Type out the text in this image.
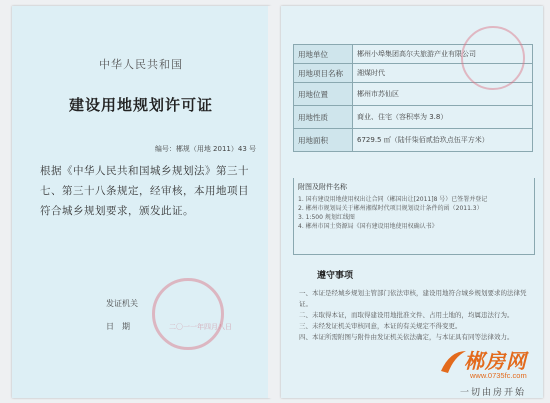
中华人民共和国
建设用地规划许可证
编号：郴规（用地 2011）43 号
根据《中华人民共和国城乡规划法》第三十七、第三十八条规定，经审核，本用地项目符合城乡规划要求，颁发此证。
发证机关
日　期	二〇一一年四月八日
用地单位	郴州小埠集团高尔夫旅游产业有限公司
用地项目名称	湘煤时代
用地位置	郴州市苏仙区
用地性质	商业、住宅（容积率为 3.8）
用地面积	6729.5 ㎡（陆仟柒佰贰拾玖点伍平方米）
附图及附件名称
1. 国有建设用地使用权出让合同（郴国出让[2011]8 号）已签署并登记
2. 郴州市规划局关于郴州湘煤时代项目规划设计条件的函（2011.3）
3. 1:500 规划红线图
4. 郴州市国土资源局《国有建设用地使用权确认书》
遵守事项
一、本证是经城乡规划主管部门依法审核，建设用地符合城乡规划要求的法律凭证。
二、未取得本证，而取得建设用地批准文件、占用土地的，均属违法行为。
三、未经发证机关审核同意，本证的有关规定不得变更。
四、本证所需附图与附件由发证机关依法确定，与本证具有同等法律效力。
郴房网
www.0735fc.com
一切由房开始
